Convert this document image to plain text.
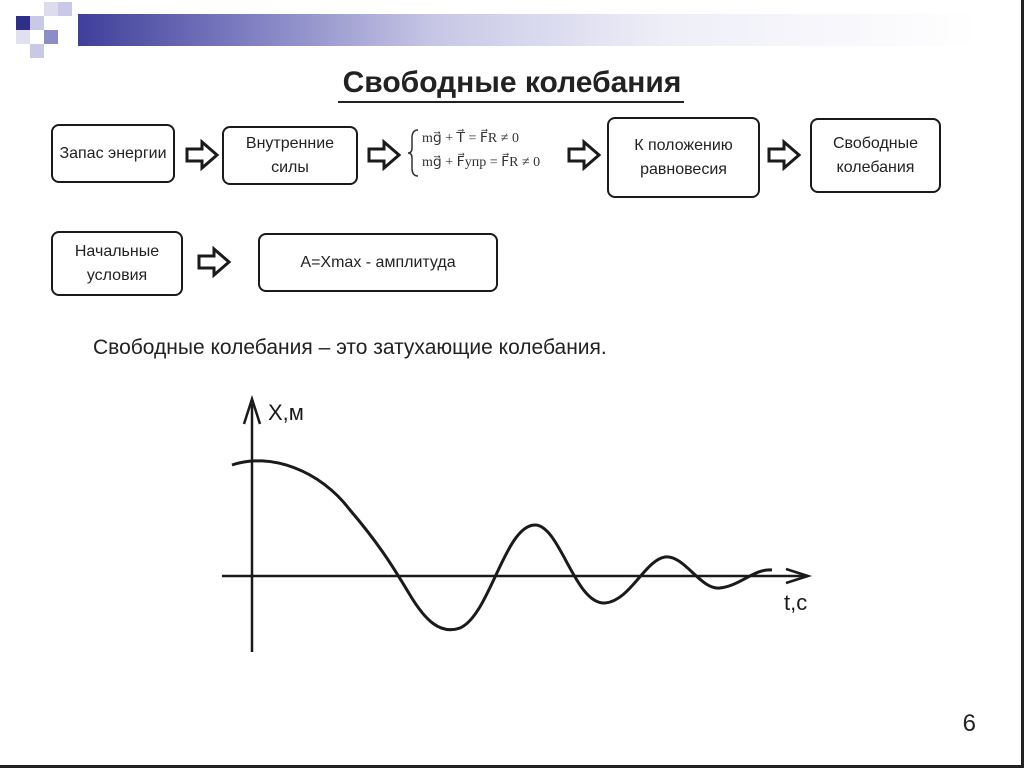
Свободные колебания
Запас энергии
Внутренние силы
mg⃗ + T⃗ = F⃗R ≠ 0
mg⃗ + F⃗упр = F⃗R ≠ 0
К положению равновесия
Свободные колебания
Начальные условия
A=Xmax - амплитуда
Свободные колебания – это затухающие колебания.
X,м
t,c
6
